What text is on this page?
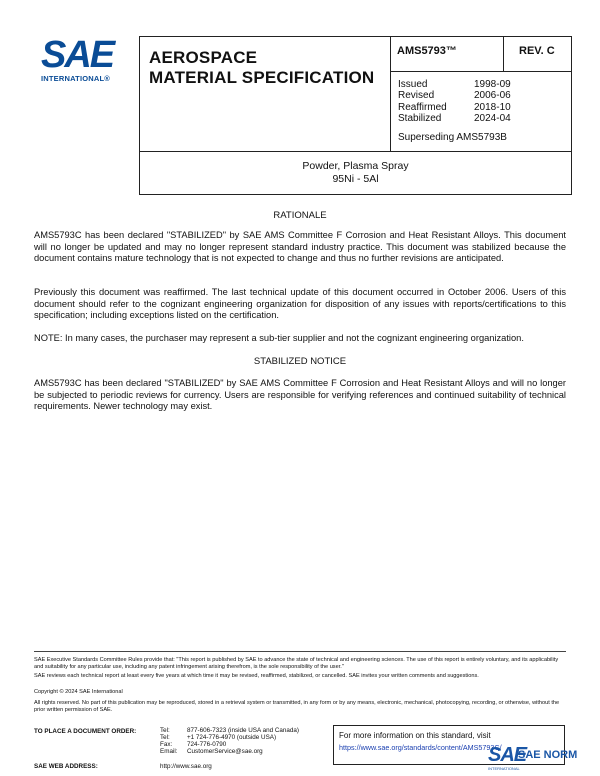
SAE
INTERNATIONAL®
AEROSPACE
MATERIAL SPECIFICATION
AMS5793™	REV. C
Issued	1998-09
Revised	2006-06
Reaffirmed	2018-10
Stabilized	2024-04
Superseding AMS5793B
Powder, Plasma Spray
95Ni - 5Al
RATIONALE

AMS5793C has been declared "STABILIZED" by SAE AMS Committee F Corrosion and Heat Resistant Alloys. This document will no longer be updated and may no longer represent standard industry practice. This document was stabilized because the document contains mature technology that is not expected to change and thus no further revisions are anticipated.

Previously this document was reaffirmed. The last technical update of this document occurred in October 2006. Users of this document should refer to the cognizant engineering organization for disposition of any issues with reports/certifications to this specification; including exceptions listed on the certification.

NOTE: In many cases, the purchaser may represent a sub-tier supplier and not the cognizant engineering organization.

STABILIZED NOTICE

AMS5793C has been declared "STABILIZED" by SAE AMS Committee F Corrosion and Heat Resistant Alloys and will no longer be subjected to periodic reviews for currency. Users are responsible for verifying references and continued suitability of technical requirements. Newer technology may exist.

SAE Executive Standards Committee Rules provide that: "This report is published by SAE to advance the state of technical and engineering sciences. The use of this report is entirely voluntary, and its applicability and suitability for any particular use, including any patent infringement arising therefrom, is the sole responsibility of the user."

SAE reviews each technical report at least every five years at which time it may be revised, reaffirmed, stabilized, or cancelled. SAE invites your written comments and suggestions.

Copyright © 2024 SAE International

All rights reserved. No part of this publication may be reproduced, stored in a retrieval system or transmitted, in any form or by any means, electronic, mechanical, photocopying, recording, or otherwise, without the prior written permission of SAE.

TO PLACE A DOCUMENT ORDER:	Tel:	877-606-7323 (inside USA and Canada)
Tel:	+1 724-776-4970 (outside USA)
Fax: 724-776-0790
Email: CustomerService@sae.org
SAE WEB ADDRESS:	http://www.sae.org
For more information on this standard, visit
https://www.sae.org/standards/content/AMS5793C/
SAE
SAE NORM
INTERNATIONAL
